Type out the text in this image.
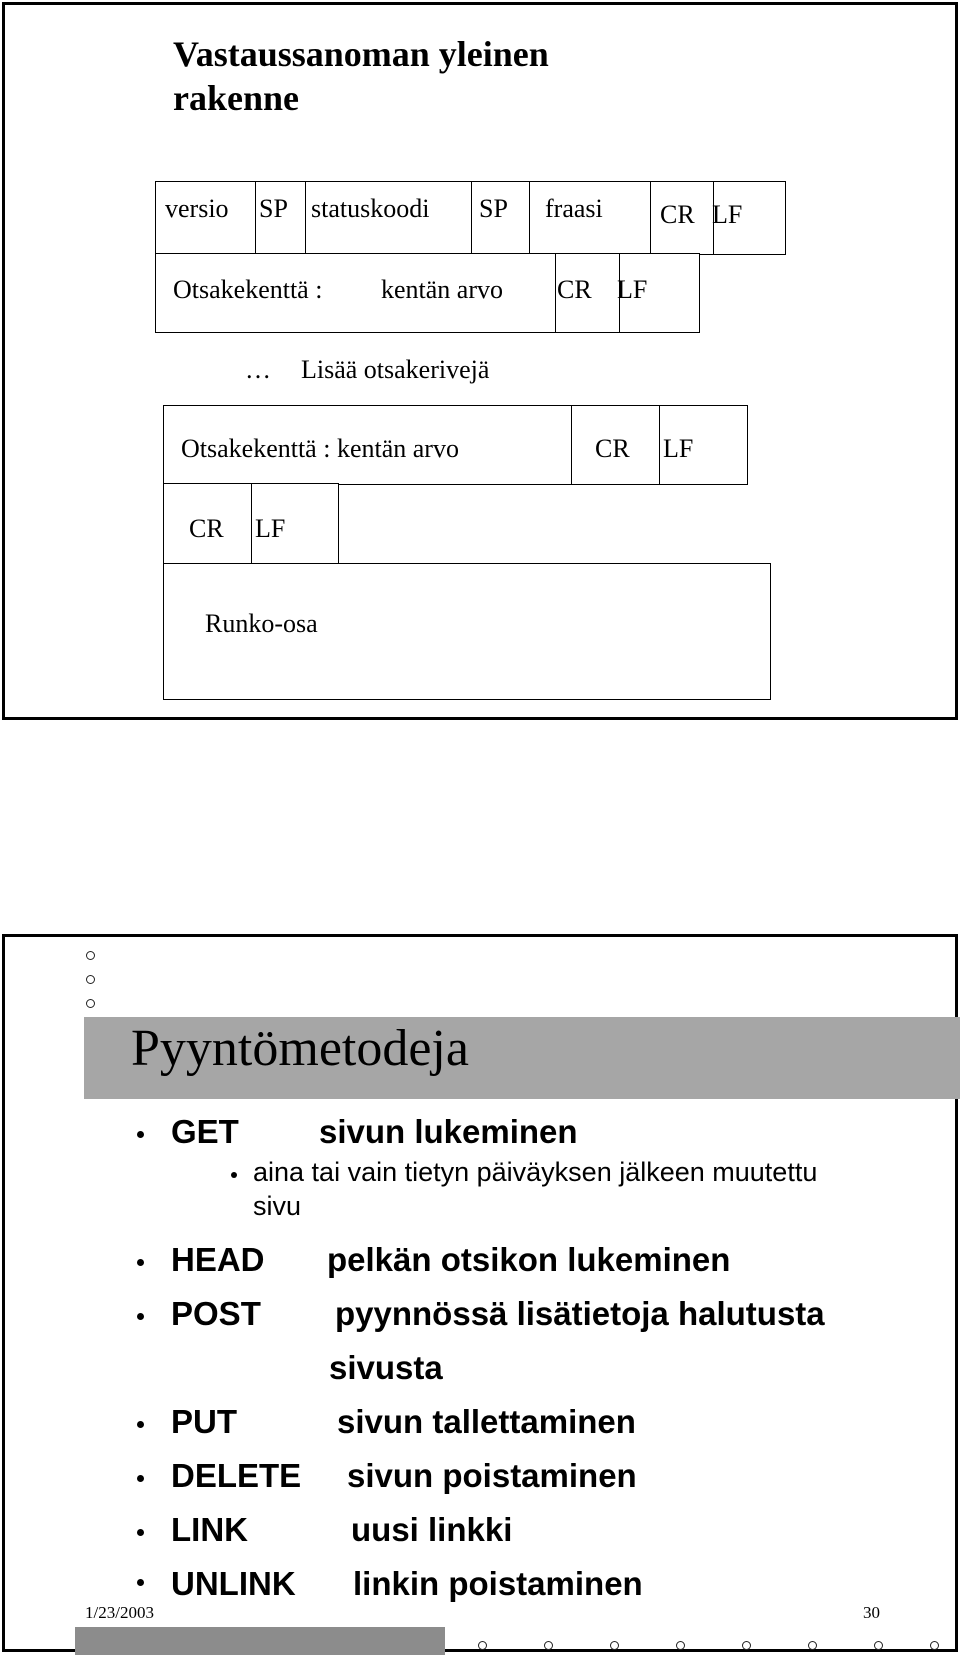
Vastaussanoman yleinen
rakenne
versio SP statuskoodi SP fraasi CR LF
Otsakekenttä : kentän arvo CR LF
… Lisää otsakerivejä
Otsakekenttä : kentän arvo	CR LF
CR LF
Runko-osa
Pyyntömetodeja
GET sivun lukeminen
aina tai vain tietyn päiväyksen jälkeen muutettu
sivu
HEAD pelkän otsikon lukeminen
POST pyynnössä lisätietoja halutusta
sivusta
PUT	sivun tallettaminen
DELETE sivun poistaminen
LINK	uusi linkki
UNLINK linkin poistaminen
1/23/2003	30
